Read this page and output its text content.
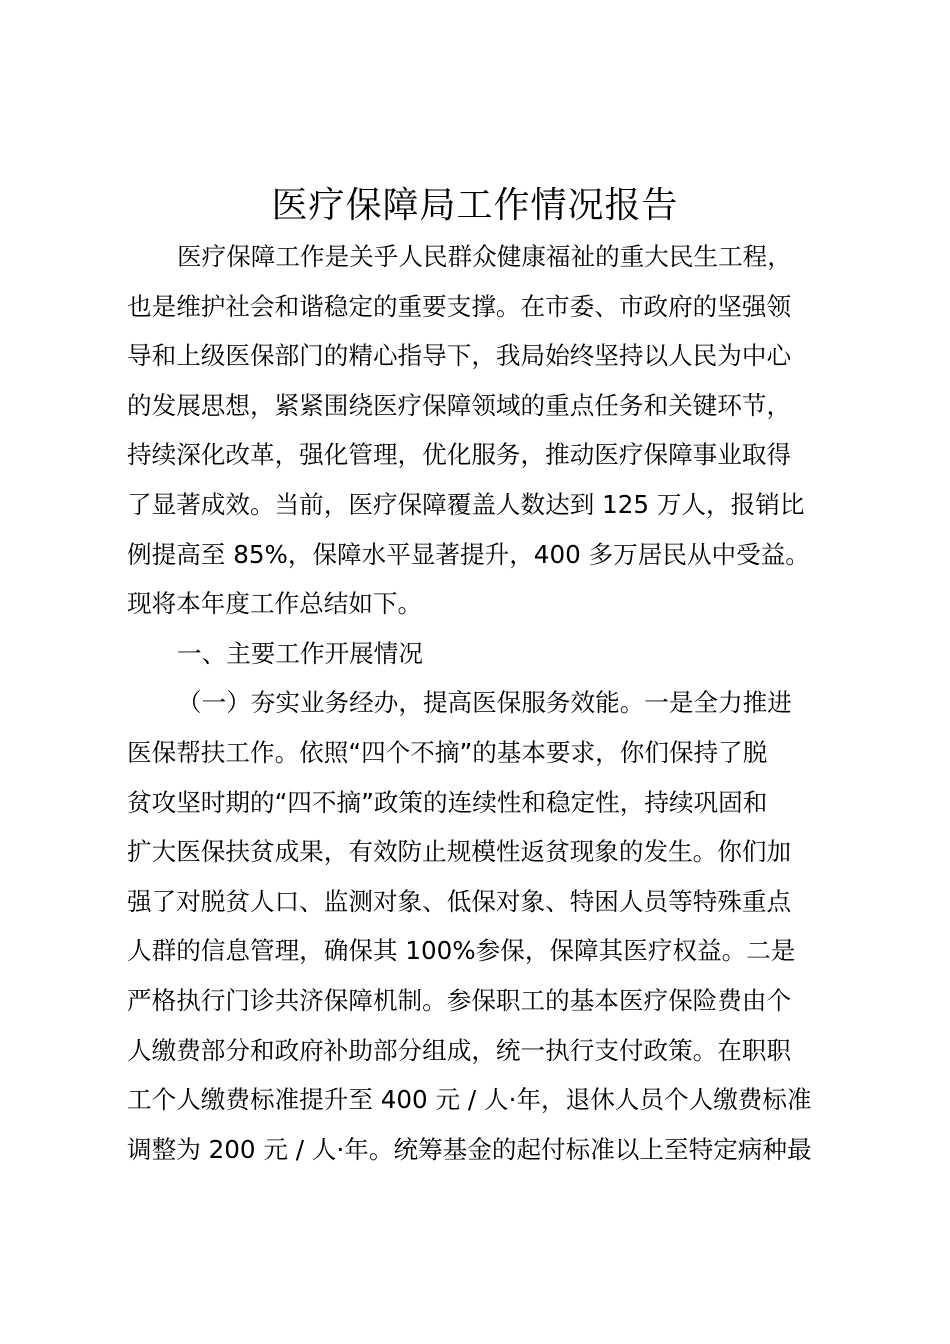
医疗保障局工作情况报告
医疗保障工作是关乎人民群众健康福祉的重大民生工程，
也是维护社会和谐稳定的重要支撑。在市委、市政府的坚强领
导和上级医保部门的精心指导下，我局始终坚持以人民为中心
的发展思想，紧紧围绕医疗保障领域的重点任务和关键环节，
持续深化改革，强化管理，优化服务，推动医疗保障事业取得
了显著成效。当前，医疗保障覆盖人数达到 125 万人，报销比
例提高至 85%，保障水平显著提升，400 多万居民从中受益。
现将本年度工作总结如下。
一、主要工作开展情况
（一）夯实业务经办，提高医保服务效能。一是全力推进
医保帮扶工作。依照“四个不摘”的基本要求，你们保持了脱
贫攻坚时期的“四不摘”政策的连续性和稳定性，持续巩固和
扩大医保扶贫成果，有效防止规模性返贫现象的发生。你们加
强了对脱贫人口、监测对象、低保对象、特困人员等特殊重点
人群的信息管理，确保其 100%参保，保障其医疗权益。二是
严格执行门诊共济保障机制。参保职工的基本医疗保险费由个
人缴费部分和政府补助部分组成，统一执行支付政策。在职职
工个人缴费标准提升至 400 元 / 人·年，退休人员个人缴费标准
调整为 200 元 / 人·年。统筹基金的起付标准以上至特定病种最
